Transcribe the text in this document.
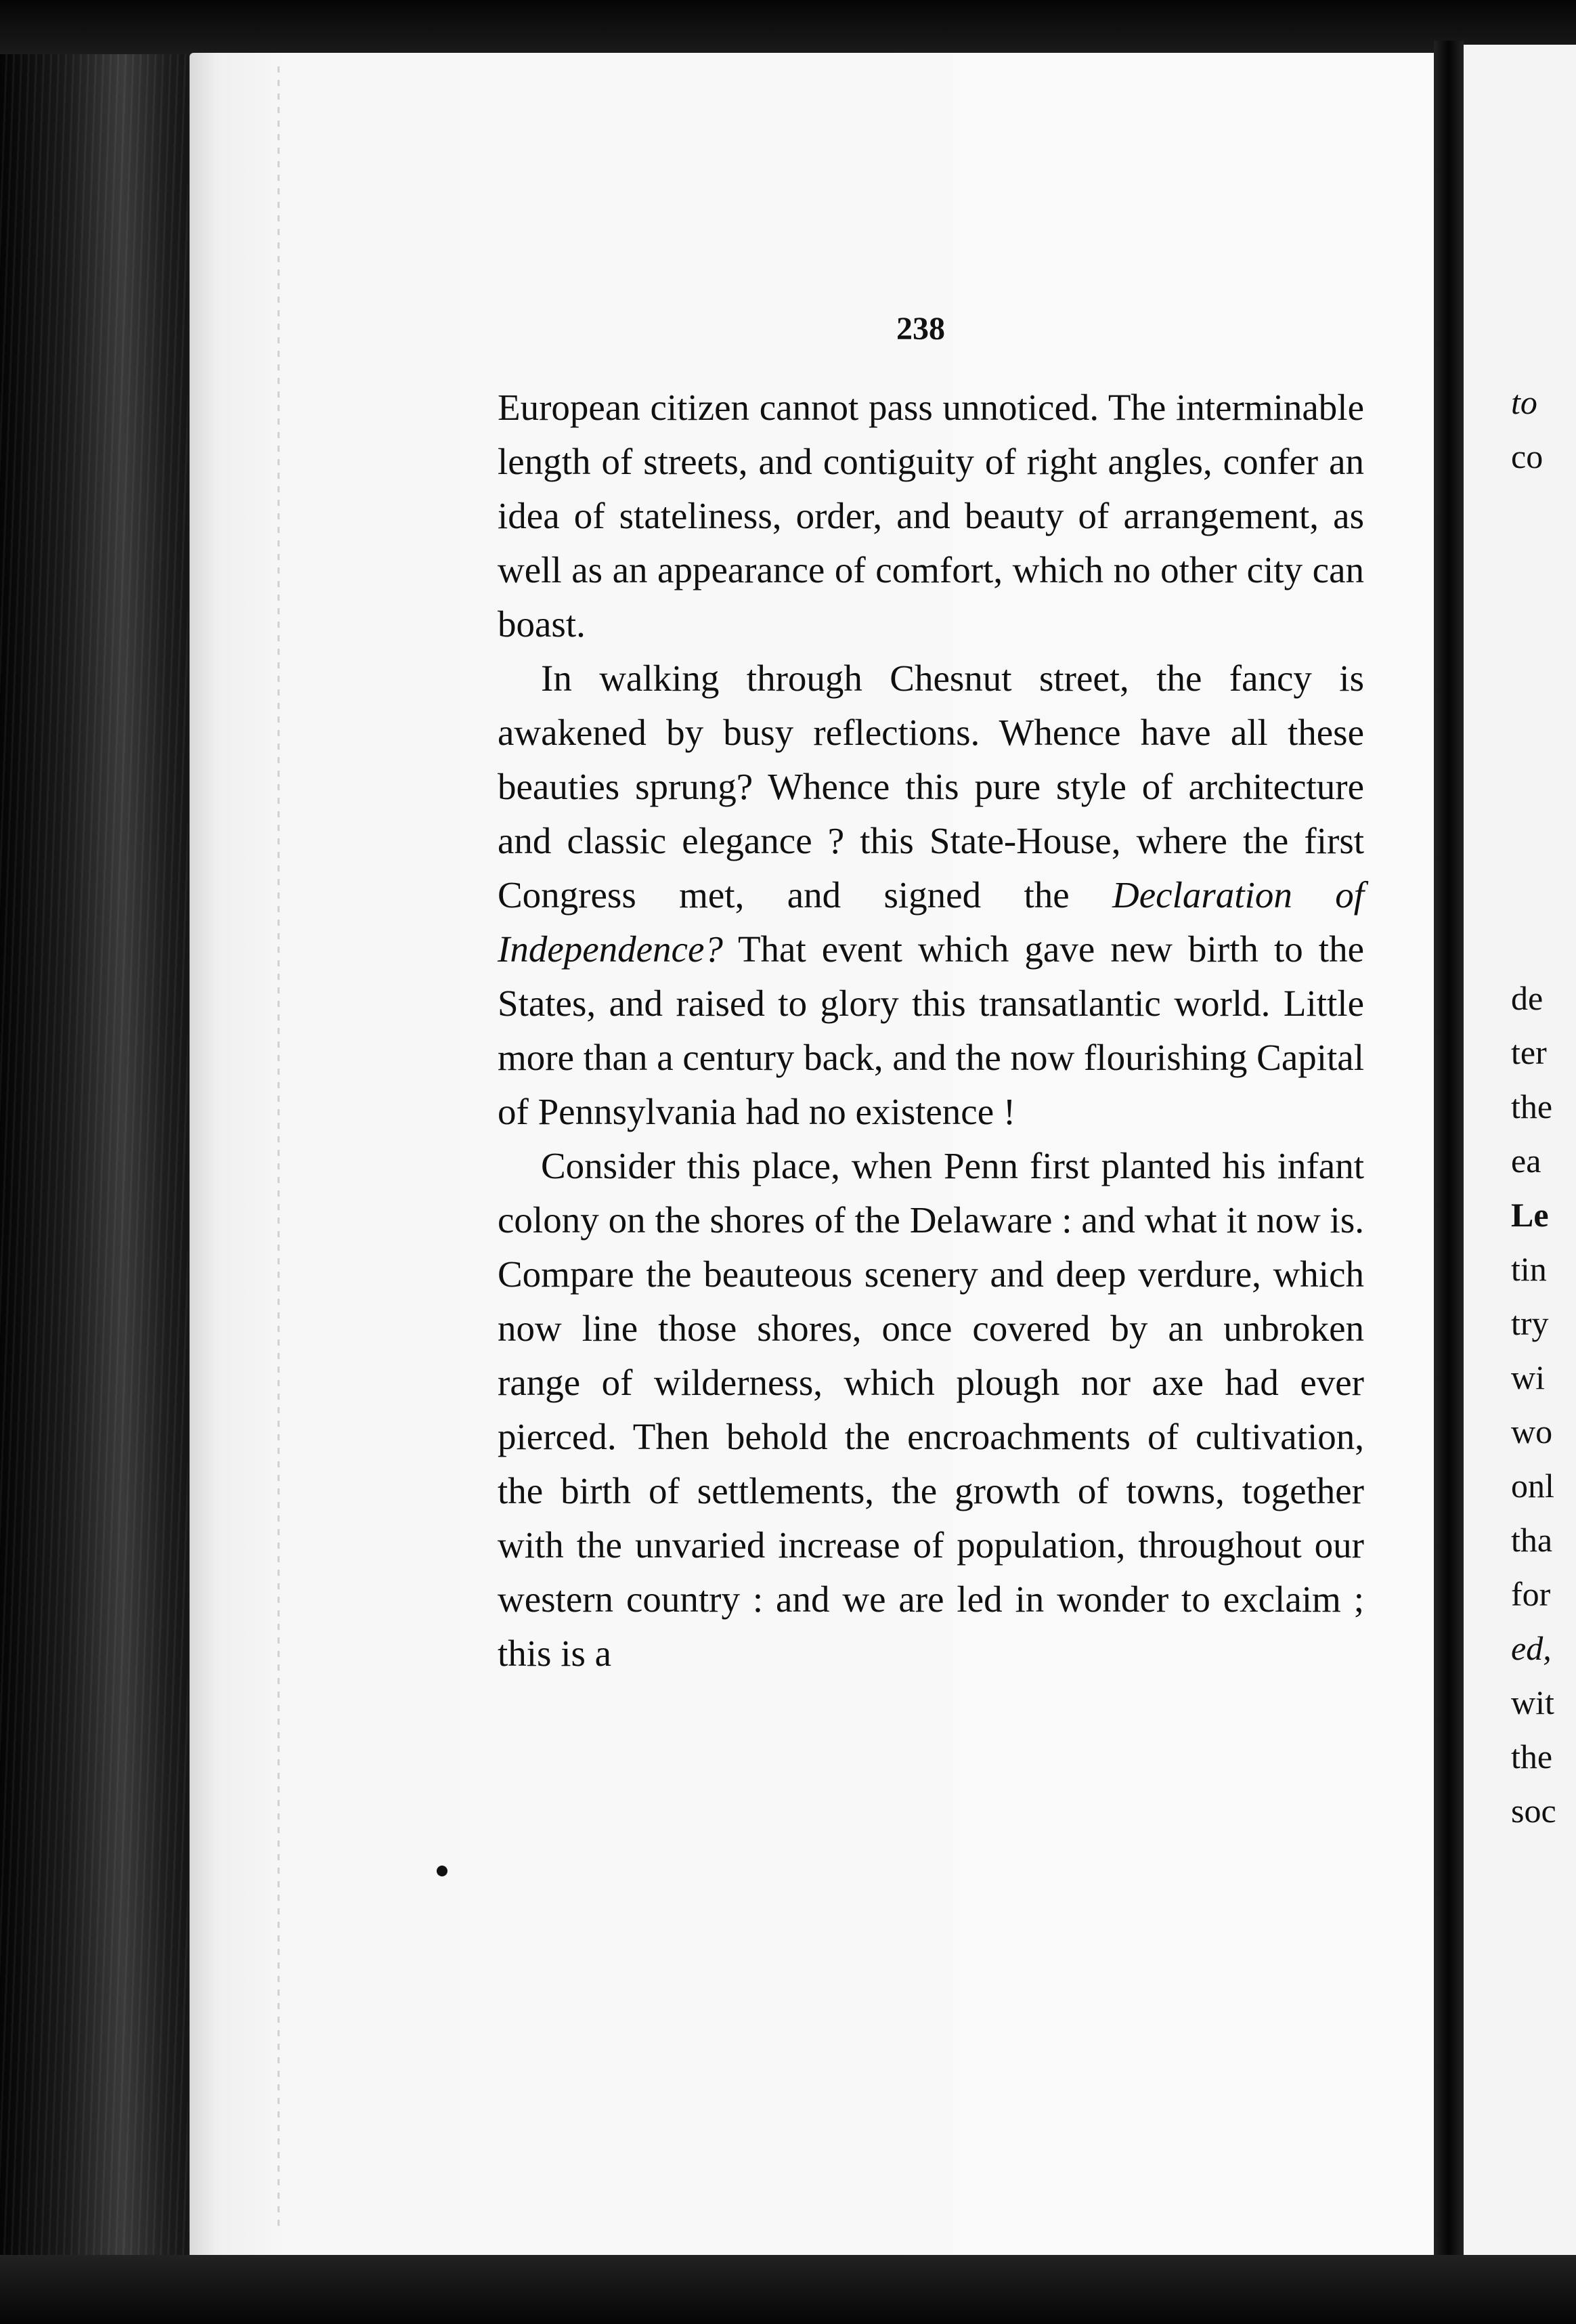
238

European citizen cannot pass unnoticed. The interminable length of streets, and contiguity of right angles, confer an idea of stateliness, order, and beauty of arrangement, as well as an appearance of comfort, which no other city can boast.

In walking through Chesnut street, the fancy is awakened by busy reflections. Whence have all these beauties sprung? Whence this pure style of architecture and classic elegance ? this State-House, where the first Congress met, and signed the Declaration of Independence? That event which gave new birth to the States, and raised to glory this transatlantic world. Little more than a century back, and the now flourishing Capital of Pennsylvania had no existence !

Consider this place, when Penn first planted his infant colony on the shores of the Delaware : and what it now is. Compare the beauteous scenery and deep verdure, which now line those shores, once covered by an unbroken range of wilderness, which plough nor axe had ever pierced. Then behold the encroachments of cultivation, the birth of settlements, the growth of towns, together with the unvaried increase of population, throughout our western country : and we are led in wonder to exclaim ; this is a

to
co
de
ter
the
ea
Le
tin
try
wi
wo
onl
tha
for
ed,
wit
the
soc
